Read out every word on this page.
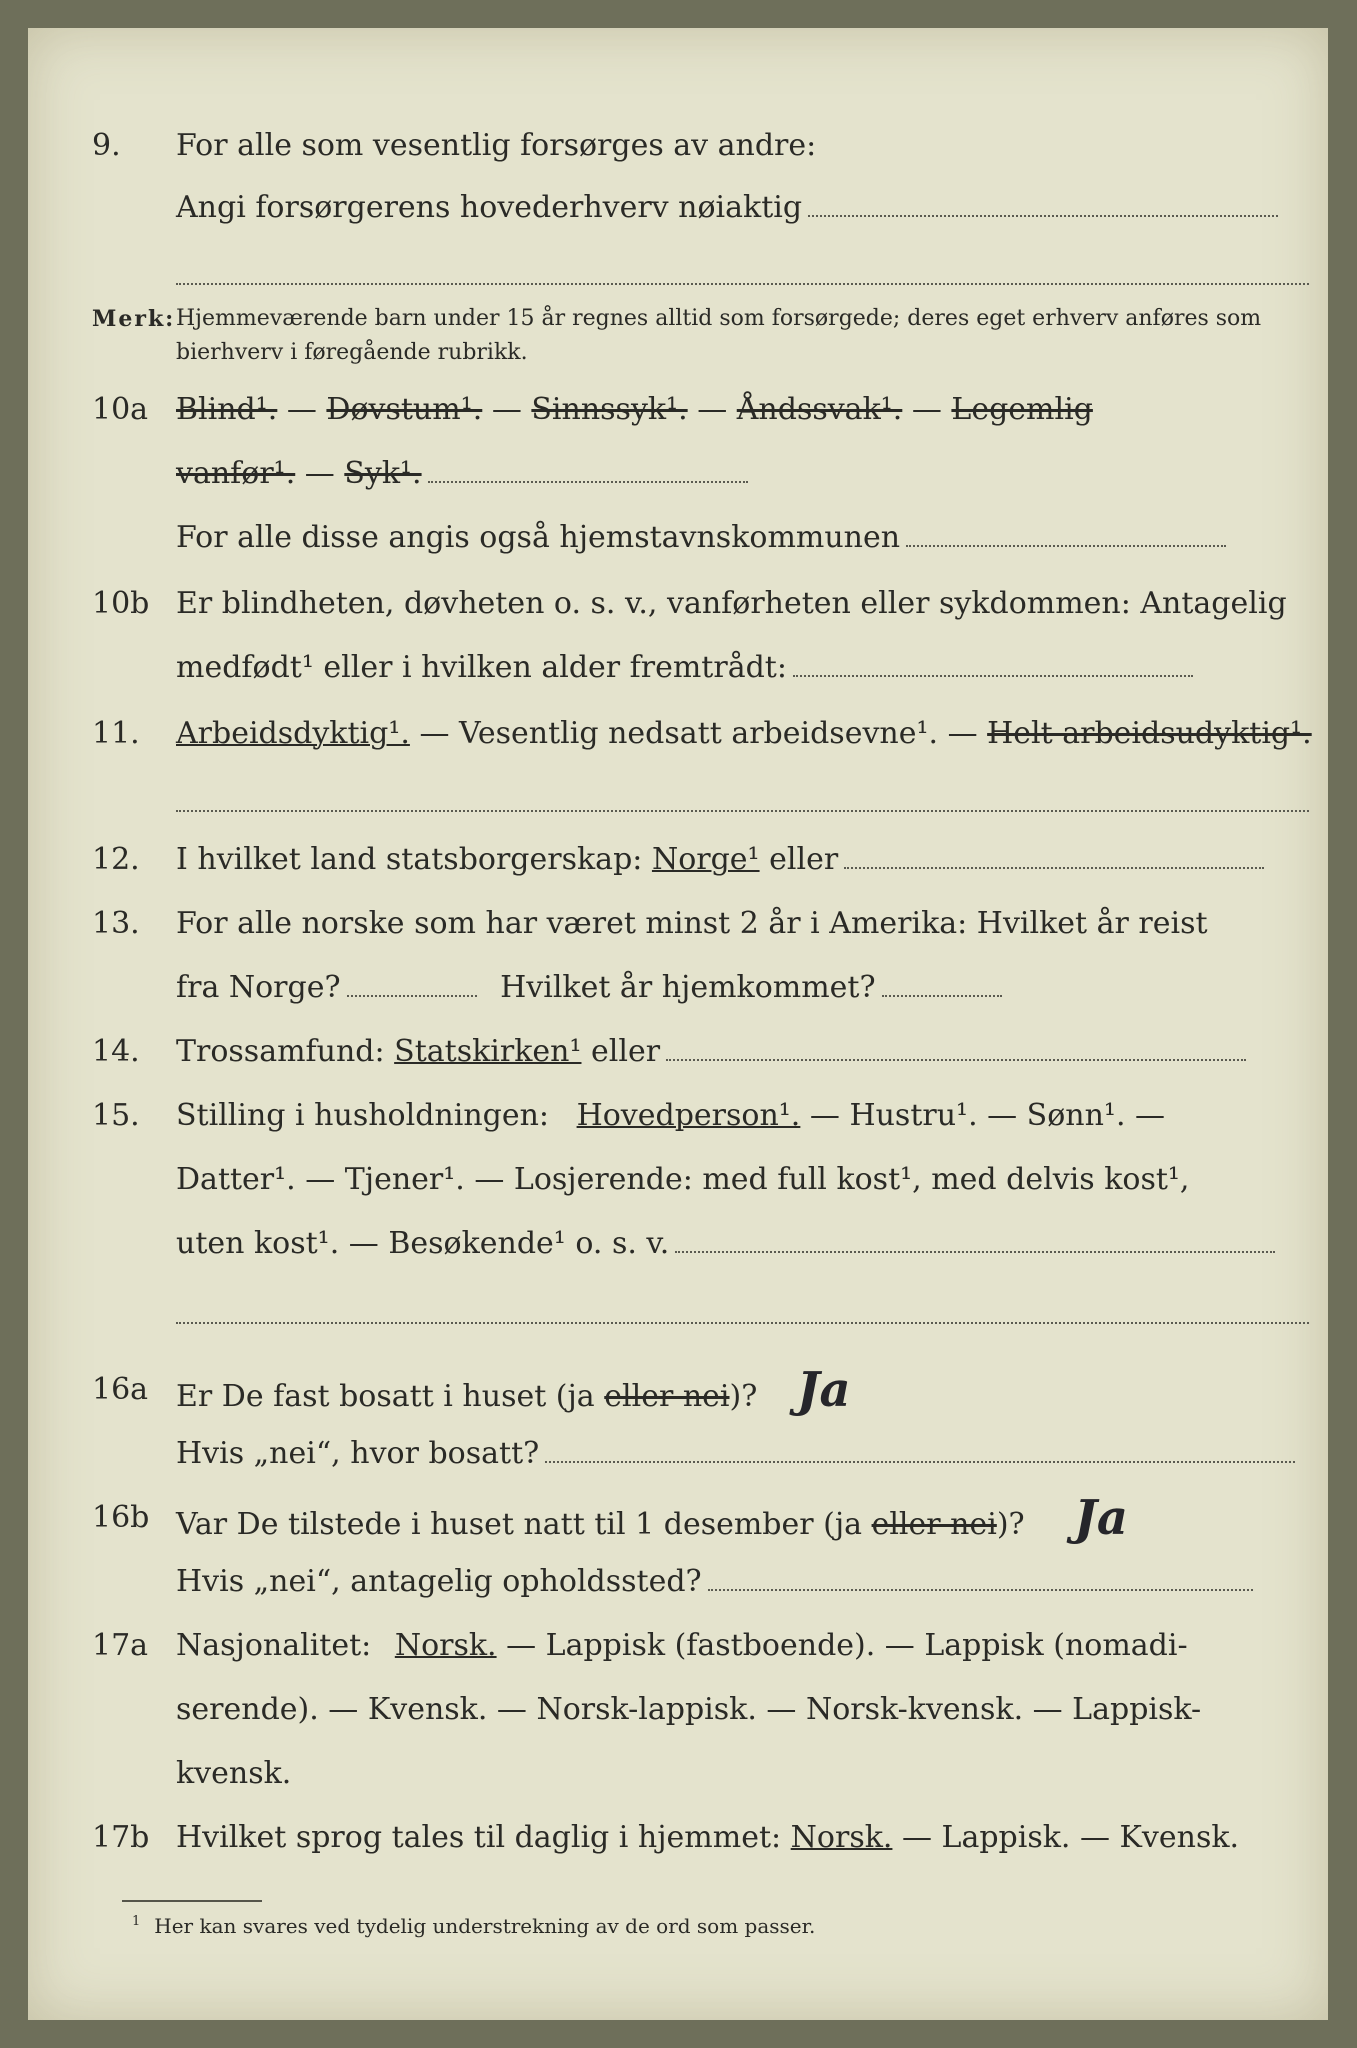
9. For alle som vesentlig forsørges av andre:
Angi forsørgerens hovederhverv nøiaktig
Merk: Hjemmeværende barn under 15 år regnes alltid som forsørgede; deres eget erhverv anføres som bierhverv i føregående rubrikk.
10a Blind¹. — Døvstum¹. — Sinnssyk¹. — Åndssvak¹. — Legemlig
vanfør¹. — Syk¹.
For alle disse angis også hjemstavnskommunen
10b Er blindheten, døvheten o. s. v., vanførheten eller sykdommen: Antagelig
medfødt¹ eller i hvilken alder fremtrådt:
11. Arbeidsdyktig¹. — Vesentlig nedsatt arbeidsevne¹. — Helt arbeidsudyktig¹.
12. I hvilket land statsborgerskap: Norge¹ eller
13. For alle norske som har været minst 2 år i Amerika: Hvilket år reist
fra Norge?	Hvilket år hjemkommet?
14. Trossamfund: Statskirken¹ eller
15. Stilling i husholdningen: Hovedperson¹. — Hustru¹. — Sønn¹. —
Datter¹. — Tjener¹. — Losjerende: med full kost¹, med delvis kost¹,
uten kost¹. — Besøkende¹ o. s. v.
16a Er De fast bosatt i huset (ja eller nei)? Ja
Hvis „nei“, hvor bosatt?
16b Var De tilstede i huset natt til 1 desember (ja eller nei)? Ja
Hvis „nei“, antagelig opholdssted?
17a Nasjonalitet: Norsk. — Lappisk (fastboende). — Lappisk (nomadi-
serende). — Kvensk. — Norsk-lappisk. — Norsk-kvensk. — Lappisk-
kvensk.
17b Hvilket sprog tales til daglig i hjemmet: Norsk. — Lappisk. — Kvensk.
$^1$ Her kan svares ved tydelig understrekning av de ord som passer.
